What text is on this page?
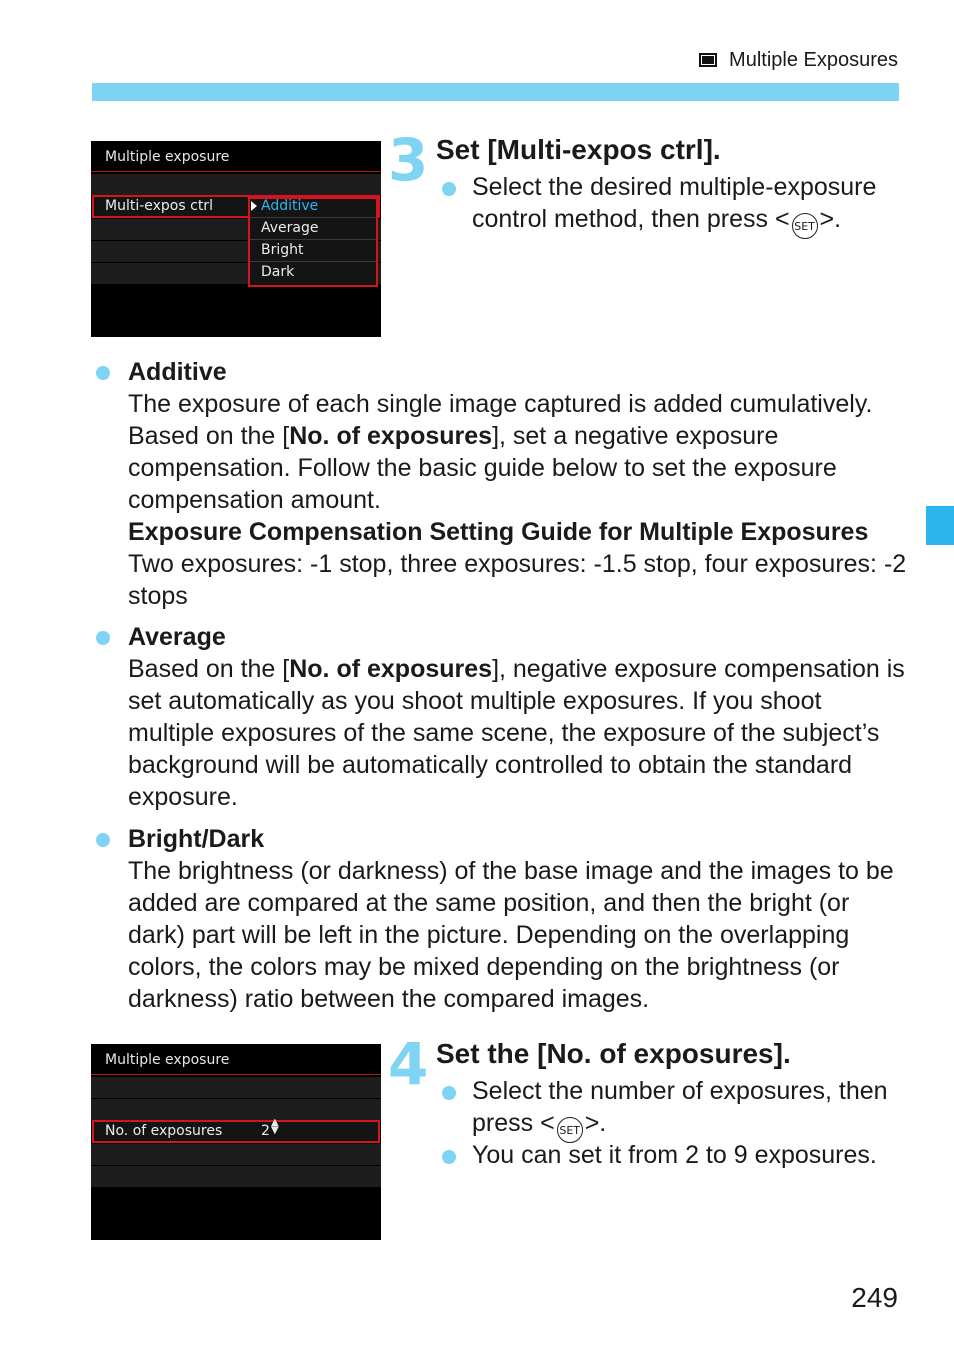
Multiple Exposures
Multiple exposure
Multi-expos ctrl	Additive
Average
Bright
Dark
3 Set [Multi-expos ctrl].
Select the desired multiple-exposure control method, then press < SET >.
Additive
The exposure of each single image captured is added cumulatively. Based on the [No. of exposures], set a negative exposure compensation. Follow the basic guide below to set the exposure compensation amount.
Exposure Compensation Setting Guide for Multiple Exposures
Two exposures: -1 stop, three exposures: -1.5 stop, four exposures: -2 stops
Average
Based on the [No. of exposures], negative exposure compensation is set automatically as you shoot multiple exposures. If you shoot multiple exposures of the same scene, the exposure of the subject’s background will be automatically controlled to obtain the standard exposure.
Bright/Dark
The brightness (or darkness) of the base image and the images to be added are compared at the same position, and then the bright (or dark) part will be left in the picture. Depending on the overlapping colors, the colors may be mixed depending on the brightness (or darkness) ratio between the compared images.
Multiple exposure
No. of exposures	2
▲
▼
4 Set the [No. of exposures].
Select the number of exposures, then press < SET >.
You can set it from 2 to 9 exposures.
249
